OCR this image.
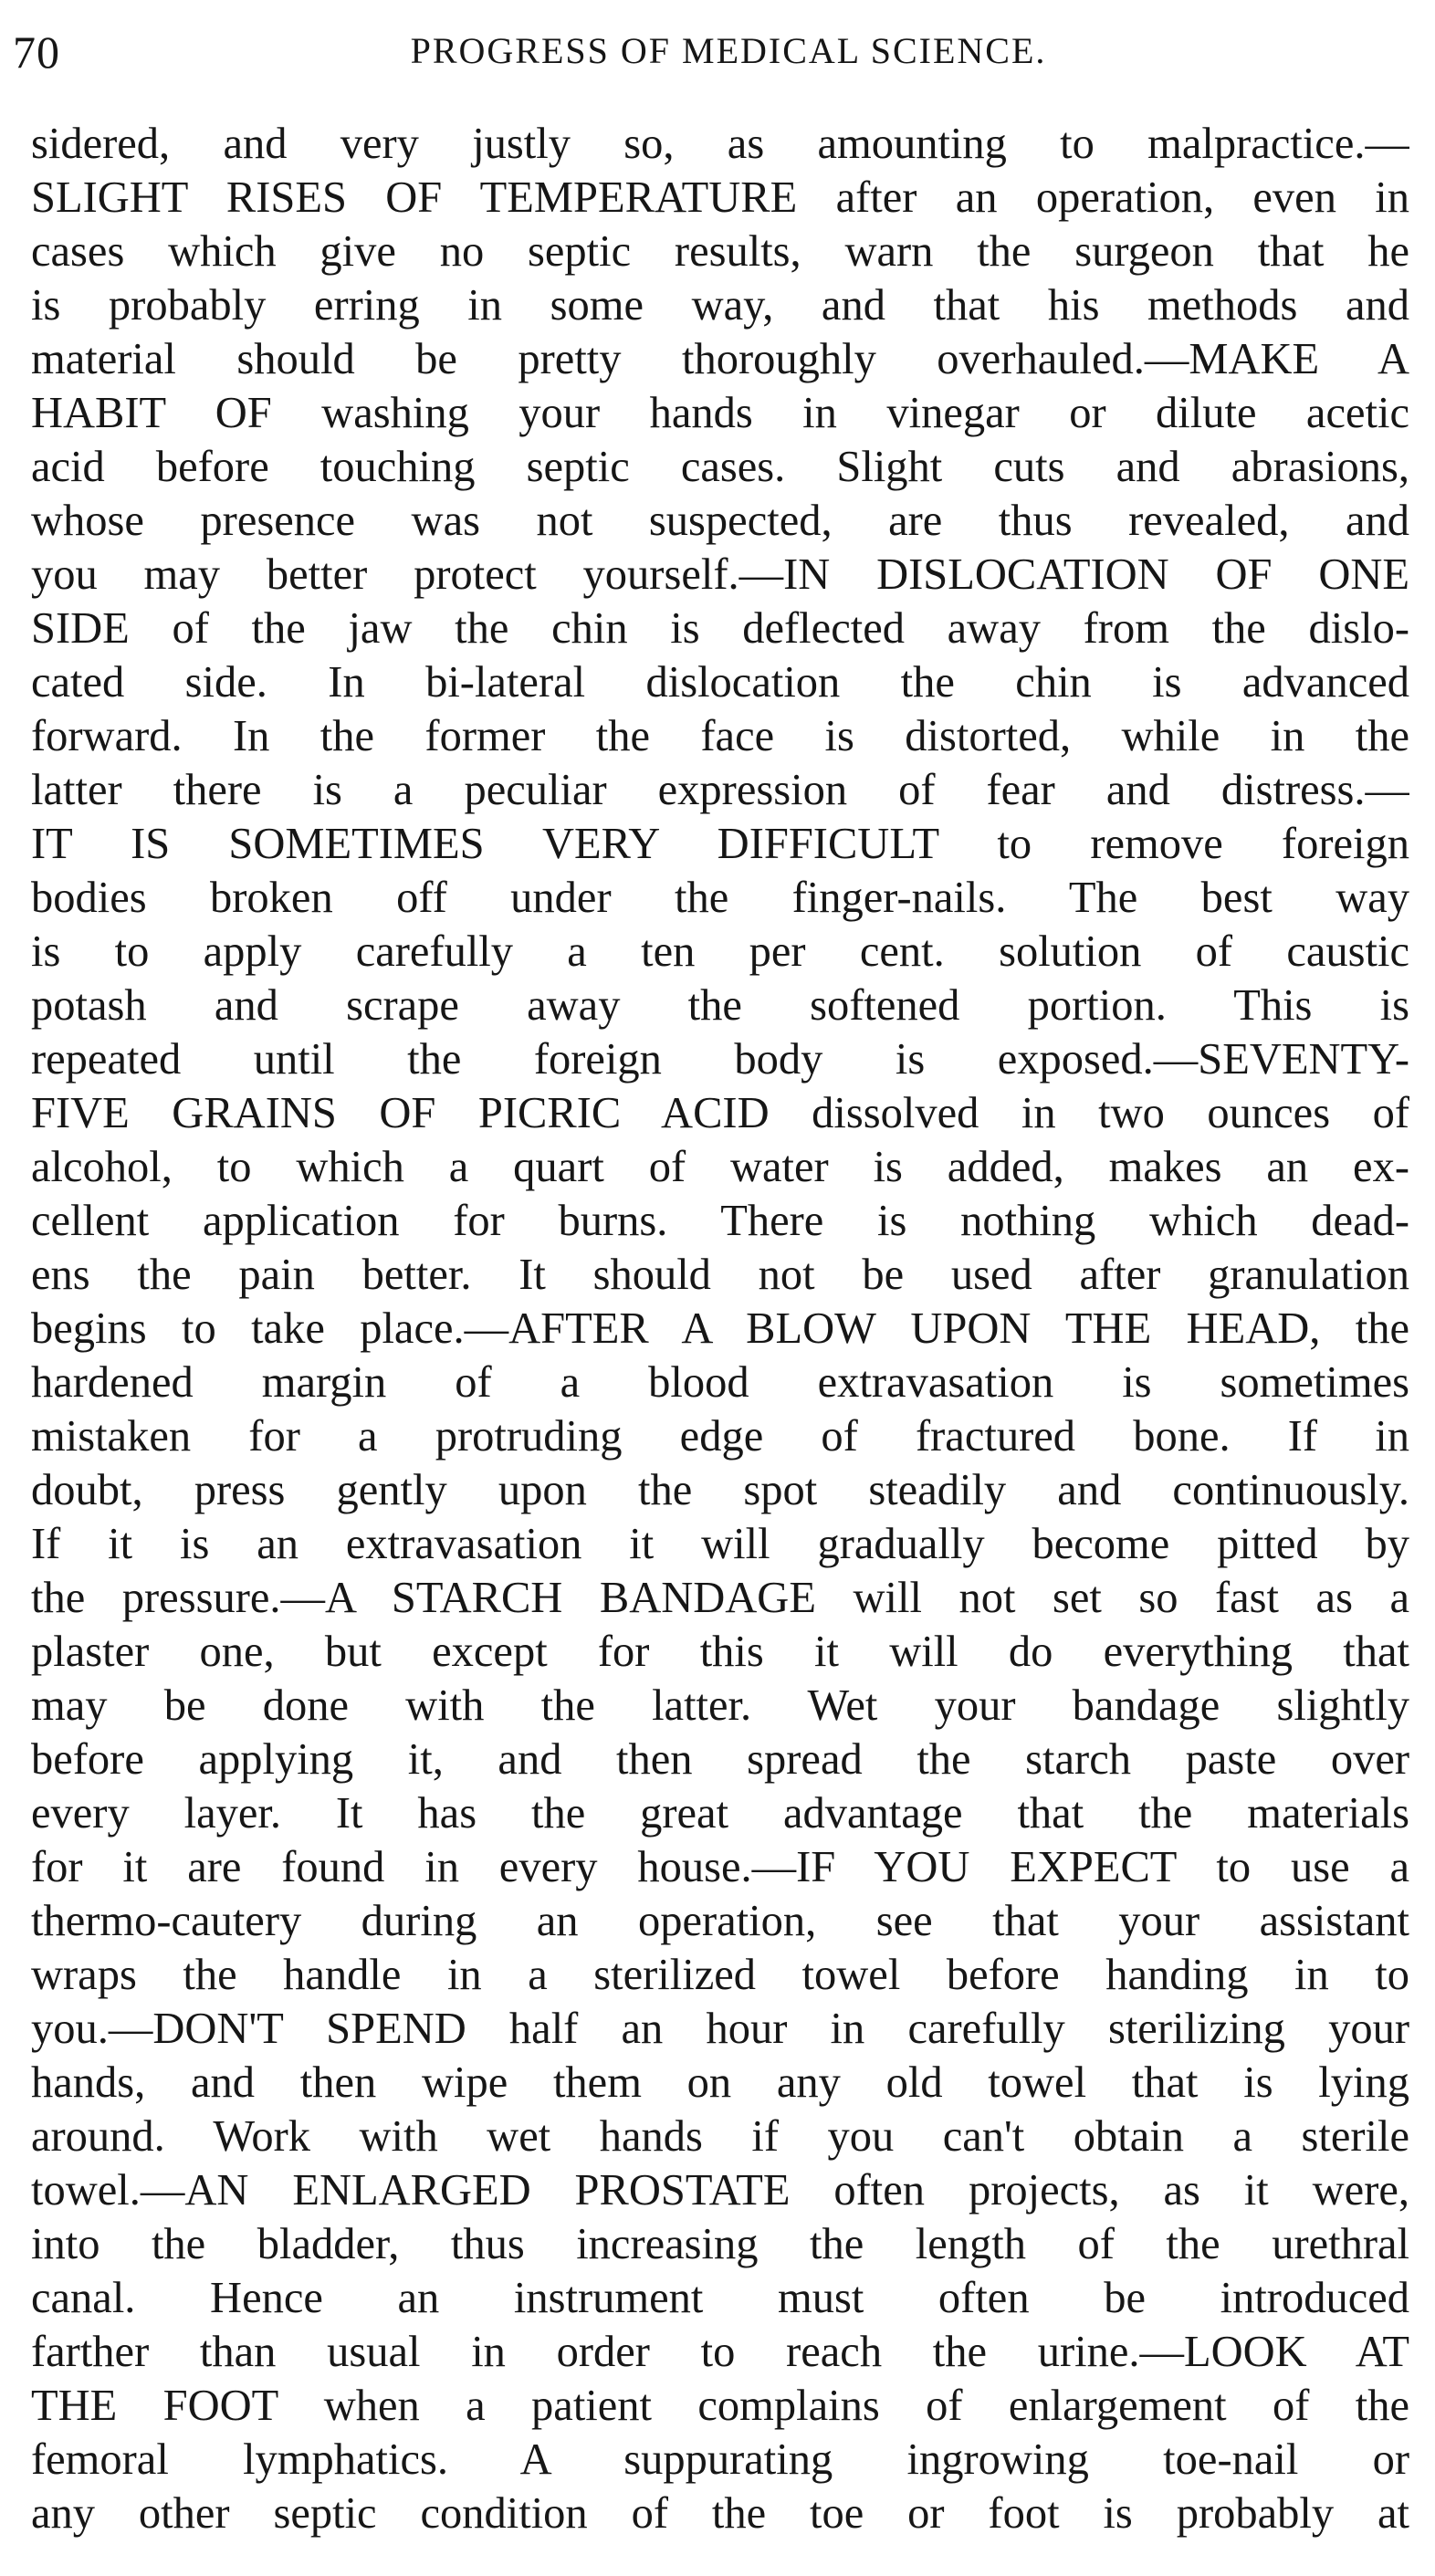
70	PROGRESS OF MEDICAL SCIENCE.
sidered, and very justly so, as amounting to malpractice.—
SLIGHT RISES OF TEMPERATURE after an operation, even in
cases which give no septic results, warn the surgeon that he
is probably erring in some way, and that his methods and
material should be pretty thoroughly overhauled.—MAKE A
HABIT OF washing your hands in vinegar or dilute acetic
acid before touching septic cases. Slight cuts and abrasions,
whose presence was not suspected, are thus revealed, and
you may better protect yourself.—IN DISLOCATION OF ONE
SIDE of the jaw the chin is deflected away from the dislo-
cated side. In bi-lateral dislocation the chin is advanced
forward. In the former the face is distorted, while in the
latter there is a peculiar expression of fear and distress.—
IT IS SOMETIMES VERY DIFFICULT to remove foreign
bodies broken off under the finger-nails. The best way
is to apply carefully a ten per cent. solution of caustic
potash and scrape away the softened portion. This is
repeated until the foreign body is exposed.—SEVENTY-
FIVE GRAINS OF PICRIC ACID dissolved in two ounces of
alcohol, to which a quart of water is added, makes an ex-
cellent application for burns. There is nothing which dead-
ens the pain better. It should not be used after granulation
begins to take place.—AFTER A BLOW UPON THE HEAD, the
hardened margin of a blood extravasation is sometimes
mistaken for a protruding edge of fractured bone. If in
doubt, press gently upon the spot steadily and continuously.
If it is an extravasation it will gradually become pitted by
the pressure.—A STARCH BANDAGE will not set so fast as a
plaster one, but except for this it will do everything that
may be done with the latter. Wet your bandage slightly
before applying it, and then spread the starch paste over
every layer. It has the great advantage that the materials
for it are found in every house.—IF YOU EXPECT to use a
thermo-cautery during an operation, see that your assistant
wraps the handle in a sterilized towel before handing in to
you.—DON'T SPEND half an hour in carefully sterilizing your
hands, and then wipe them on any old towel that is lying
around. Work with wet hands if you can't obtain a sterile
towel.—AN ENLARGED PROSTATE often projects, as it were,
into the bladder, thus increasing the length of the urethral
canal. Hence an instrument must often be introduced
farther than usual in order to reach the urine.—LOOK AT
THE FOOT when a patient complains of enlargement of the
femoral lymphatics. A suppurating ingrowing toe-nail or
any other septic condition of the toe or foot is probably at
